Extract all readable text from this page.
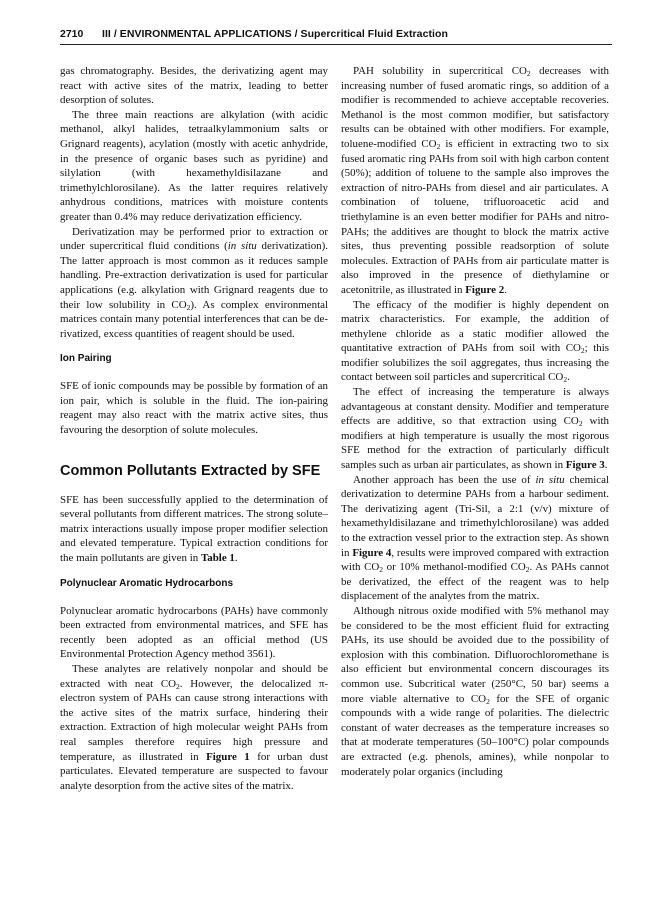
2710 III / ENVIRONMENTAL APPLICATIONS / Supercritical Fluid Extraction

gas chromatography. Besides, the derivatizing agent may react with active sites of the matrix, leading to better desorption of solutes.

The three main reactions are alkylation (with acidic methanol, alkyl halides, tetraalkylammonium salts or Grignard reagents), acylation (mostly with acetic anhydride, in the presence of organic bases such as pyridine) and silylation (with hexamethyldisilazane and trimethylchlorosilane). As the latter requires relatively anhydrous conditions, matrices with moisture contents greater than 0.4% may reduce derivatization efficiency.

Derivatization may be performed prior to extraction or under supercritical fluid conditions (in situ derivatization). The latter approach is most common as it reduces sample handling. Pre-extraction derivatization is used for particular applications (e.g. alkylation with Grignard reagents due to their low solubility in $CO_2$). As complex environmental matrices contain many potential interferences that can be derivatized, excess quantities of reagent should be used.

Ion Pairing

SFE of ionic compounds may be possible by formation of an ion pair, which is soluble in the fluid. The ion-pairing reagent may also react with the matrix active sites, thus favouring the desorption of solute molecules.

Common Pollutants Extracted by SFE

SFE has been successfully applied to the determination of several pollutants from different matrices. The strong solute–matrix interactions usually impose proper modifier selection and elevated temperature. Typical extraction conditions for the main pollutants are given in Table 1.

Polynuclear Aromatic Hydrocarbons

Polynuclear aromatic hydrocarbons (PAHs) have commonly been extracted from environmental matrices, and SFE has recently been adopted as an official method (US Environmental Protection Agency method 3561).

These analytes are relatively nonpolar and should be extracted with neat $CO_2$. However, the delocalized π-electron system of PAHs can cause strong interactions with the active sites of the matrix surface, hindering their extraction. Extraction of high molecular weight PAHs from real samples therefore requires high pressure and temperature, as illustrated in Figure 1 for urban dust particulates. Elevated temperature are suspected to favour analyte desorption from the active sites of the matrix.

PAH solubility in supercritical $CO_2$ decreases with increasing number of fused aromatic rings, so addition of a modifier is recommended to achieve acceptable recoveries. Methanol is the most common modifier, but satisfactory results can be obtained with other modifiers. For example, toluene-modified $CO_2$ is efficient in extracting two to six fused aromatic ring PAHs from soil with high carbon content (50%); addition of toluene to the sample also improves the extraction of nitro-PAHs from diesel and air particulates. A combination of toluene, trifluoroacetic acid and triethylamine is an even better modifier for PAHs and nitro-PAHs; the additives are thought to block the matrix active sites, thus preventing possible readsorption of solute molecules. Extraction of PAHs from air particulate matter is also improved in the presence of diethylamine or acetonitrile, as illustrated in Figure 2.

The efficacy of the modifier is highly dependent on matrix characteristics. For example, the addition of methylene chloride as a static modifier allowed the quantitative extraction of PAHs from soil with $CO_2$; this modifier solubilizes the soil aggregates, thus increasing the contact between soil particles and supercritical $CO_2$.

The effect of increasing the temperature is always advantageous at constant density. Modifier and temperature effects are additive, so that extraction using $CO_2$ with modifiers at high temperature is usually the most rigorous SFE method for the extraction of particularly difficult samples such as urban air particulates, as shown in Figure 3.

Another approach has been the use of in situ chemical derivatization to determine PAHs from a harbour sediment. The derivatizing agent (Tri-Sil, a 2:1 (v/v) mixture of hexamethyldisilazane and trimethylchlorosilane) was added to the extraction vessel prior to the extraction step. As shown in Figure 4, results were improved compared with extraction with $CO_2$ or 10% methanol-modified $CO_2$. As PAHs cannot be derivatized, the effect of the reagent was to help displacement of the analytes from the matrix.

Although nitrous oxide modified with 5% methanol may be considered to be the most efficient fluid for extracting PAHs, its use should be avoided due to the possibility of explosion with this combination. Difluorochloromethane is also efficient but environmental concern discourages its common use. Subcritical water (250°C, 50 bar) seems a more viable alternative to $CO_2$ for the SFE of organic compounds with a wide range of polarities. The dielectric constant of water decreases as the temperature increases so that at moderate temperatures (50–100°C) polar compounds are extracted (e.g. phenols, amines), while nonpolar to moderately polar organics (including
